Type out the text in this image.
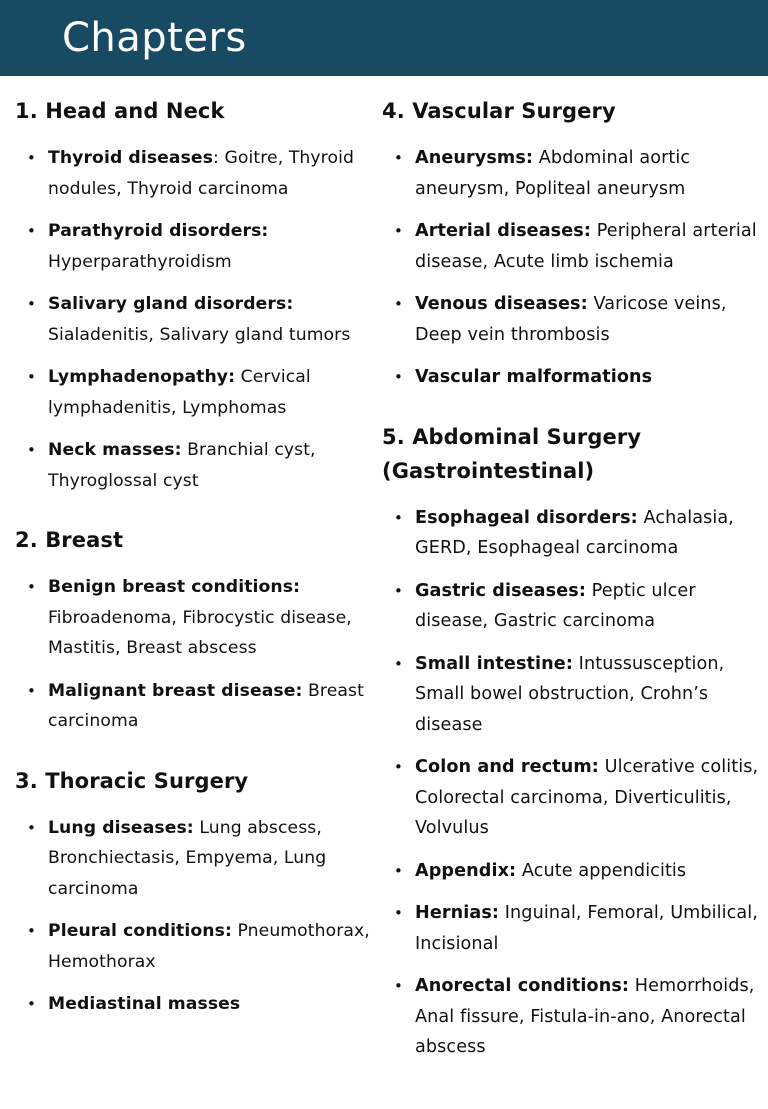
Chapters
1. Head and Neck
• Thyroid diseases: Goitre, Thyroid nodules, Thyroid carcinoma
• Parathyroid disorders: Hyperparathyroidism
• Salivary gland disorders: Sialadenitis, Salivary gland tumors
• Lymphadenopathy: Cervical lymphadenitis, Lymphomas
• Neck masses: Branchial cyst, Thyroglossal cyst
2. Breast
• Benign breast conditions: Fibroadenoma, Fibrocystic disease, Mastitis, Breast abscess
• Malignant breast disease: Breast carcinoma
3. Thoracic Surgery
• Lung diseases: Lung abscess, Bronchiectasis, Empyema, Lung carcinoma
• Pleural conditions: Pneumothorax, Hemothorax
• Mediastinal masses
4. Vascular Surgery
• Aneurysms: Abdominal aortic aneurysm, Popliteal aneurysm
• Arterial diseases: Peripheral arterial disease, Acute limb ischemia
• Venous diseases: Varicose veins, Deep vein thrombosis
• Vascular malformations
5. Abdominal Surgery (Gastrointestinal)
• Esophageal disorders: Achalasia, GERD, Esophageal carcinoma
• Gastric diseases: Peptic ulcer disease, Gastric carcinoma
• Small intestine: Intussusception, Small bowel obstruction, Crohn’s disease
• Colon and rectum: Ulcerative colitis, Colorectal carcinoma, Diverticulitis, Volvulus
• Appendix: Acute appendicitis
• Hernias: Inguinal, Femoral, Umbilical, Incisional
• Anorectal conditions: Hemorrhoids, Anal fissure, Fistula-in-ano, Anorectal abscess
